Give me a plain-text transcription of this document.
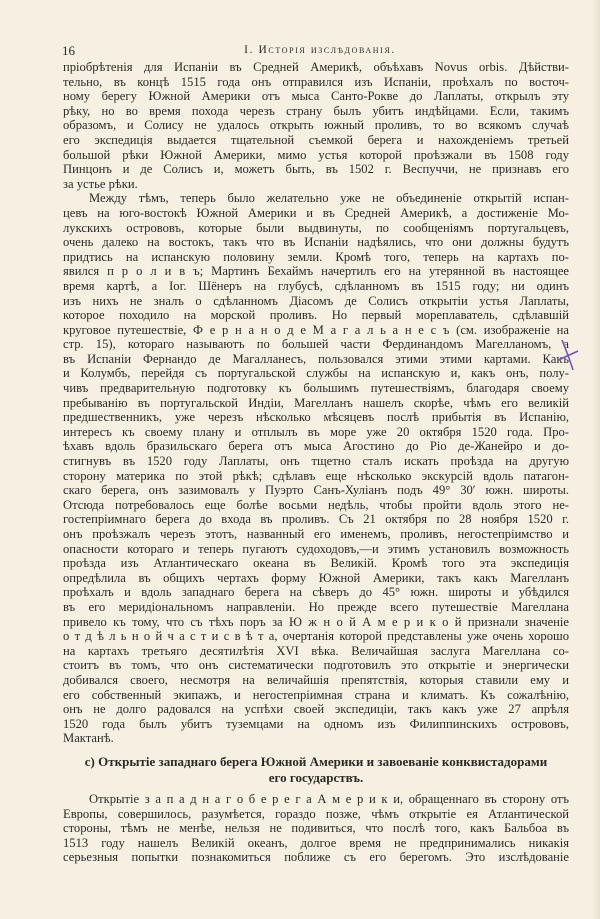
16	I. Исторія изслѣдованія.
пріобрѣтенія для Испаніи въ Средней Америкѣ, объѣхавъ Novus orbis. Дѣйстви-
тельно, въ концѣ 1515 года онъ отправился изъ Испаніи, проѣхалъ по восточ-
ному берегу Южной Америки отъ мыса Санто-Рокве до Лаплаты, открылъ эту
рѣку, но во время похода черезъ страну былъ убитъ индѣйцами. Если, такимъ
образомъ, и Солису не удалось открыть южный проливъ, то во всякомъ случаѣ
его экспедиція выдается тщательной съемкой берега и нахожденіемъ третьей
большой рѣки Южной Америки, мимо устья которой проѣзжали въ 1508 году
Пинцонъ и де Солисъ и, можетъ быть, въ 1502 г. Веспуччи, не признавъ его
за устье рѣки.
Между тѣмъ, теперь было желательно уже не объединеніе открытій испан-
цевъ на юго-востокѣ Южной Америки и въ Средней Америкѣ, а достиженіе Мо-
лукскихъ острововъ, которые были выдвинуты, по сообщеніямъ португальцевъ,
очень далеко на востокъ, такъ что въ Испаніи надѣялись, что они должны будутъ
придтись на испанскую половину земли. Кромѣ того, теперь на картахъ по-
явился п р о л и в ъ; Мартинъ Бехаймъ начертилъ его на утерянной въ настоящее
время картѣ, а Іог. Шёнеръ на глубусѣ, сдѣланномъ въ 1515 году; ни одинъ
изъ нихъ не зналъ о сдѣланномъ Діасомъ де Солисъ открытіи устья Лаплаты,
которое походило на морской проливъ. Но первый мореплаватель, сдѣлавшій
круговое путешествіе, Ф е р н а н о д е М а г а л ь а н е с ъ (см. изображеніе на
стр. 15), котораго называютъ по большей части Фердинандомъ Магелланомъ, а
въ Испаніи Фернандо де Магалланесъ, пользовался этими этими картами. Какъ
и Колумбъ, перейдя съ португальской службы на испанскую и, какъ онъ, полу-
чивъ предварительную подготовку къ большимъ путешествіямъ, благодаря своему
пребыванію въ португальской Индіи, Магелланъ нашелъ скорѣе, чѣмъ его великій
предшественникъ, уже черезъ нѣсколько мѣсяцевъ послѣ прибытія въ Испанію,
интересъ къ своему плану и отплылъ въ море уже 20 октября 1520 года. Про-
ѣхавъ вдоль бразильскаго берега отъ мыса Агостино до Ріо де-Жанейро и до-
стигнувъ въ 1520 году Лаплаты, онъ тщетно сталъ искать проѣзда на другую
сторону материка по этой рѣкѣ; сдѣлавъ еще нѣсколько экскурсій вдоль патагон-
скаго берега, онъ зазимовалъ у Пуэрто Санъ-Хуліанъ подъ 49° 30′ южн. широты.
Отсюда потребовалось еще болѣе восьми недѣль, чтобы пройти вдоль этого не-
гостепріимнаго берега до входа въ проливъ. Съ 21 октября по 28 ноября 1520 г.
онъ проѣзжалъ черезъ этотъ, названный его именемъ, проливъ, негостепріимство и
опасности котораго и теперь пугаютъ судоходовъ,—и этимъ установилъ возможность
проѣзда изъ Атлантическаго океана въ Великій. Кромѣ того эта экспедиція
опредѣлила въ общихъ чертахъ форму Южной Америки, такъ какъ Магелланъ
проѣхалъ и вдоль западнаго берега на сѣверъ до 45° южн. широты и убѣдился
въ его меридіональномъ направленіи. Но прежде всего путешествіе Магеллана
привело къ тому, что съ тѣхъ поръ за Ю ж н о й А м е р и к о й признали значеніе
о т д ѣ л ь н о й ч а с т и с в ѣ т а, очертанія которой представлены уже очень хорошо
на картахъ третьяго десятилѣтія XVI вѣка. Величайшая заслуга Магеллана со-
стоитъ въ томъ, что онъ систематически подготовилъ это открытіе и энергически
добивался своего, несмотря на величайшія препятствія, которыя ставили ему и
его собственный экипажъ, и негостепріимная страна и климатъ. Къ сожалѣнію,
онъ не долго радовался на успѣхи своей экспедиціи, такъ какъ уже 27 апрѣля
1520 года былъ убитъ туземцами на одномъ изъ Филиппинскихъ острововъ,
Мактанѣ.
c) Открытіе западнаго берега Южной Америки и завоеваніе конквистадорами
его государствъ.
Открытіе з а п а д н а г о б е р е г а А м е р и к и, обращеннаго въ сторону отъ
Европы, совершилось, разумѣется, гораздо позже, чѣмъ открытіе ея Атлантической
стороны, тѣмъ не менѣе, нельзя не подивиться, что послѣ того, какъ Бальбоа въ
1513 году нашелъ Великій океанъ, долгое время не предпринимались никакія
серьезныя попытки познакомиться поближе съ его берегомъ. Это изслѣдованіе
